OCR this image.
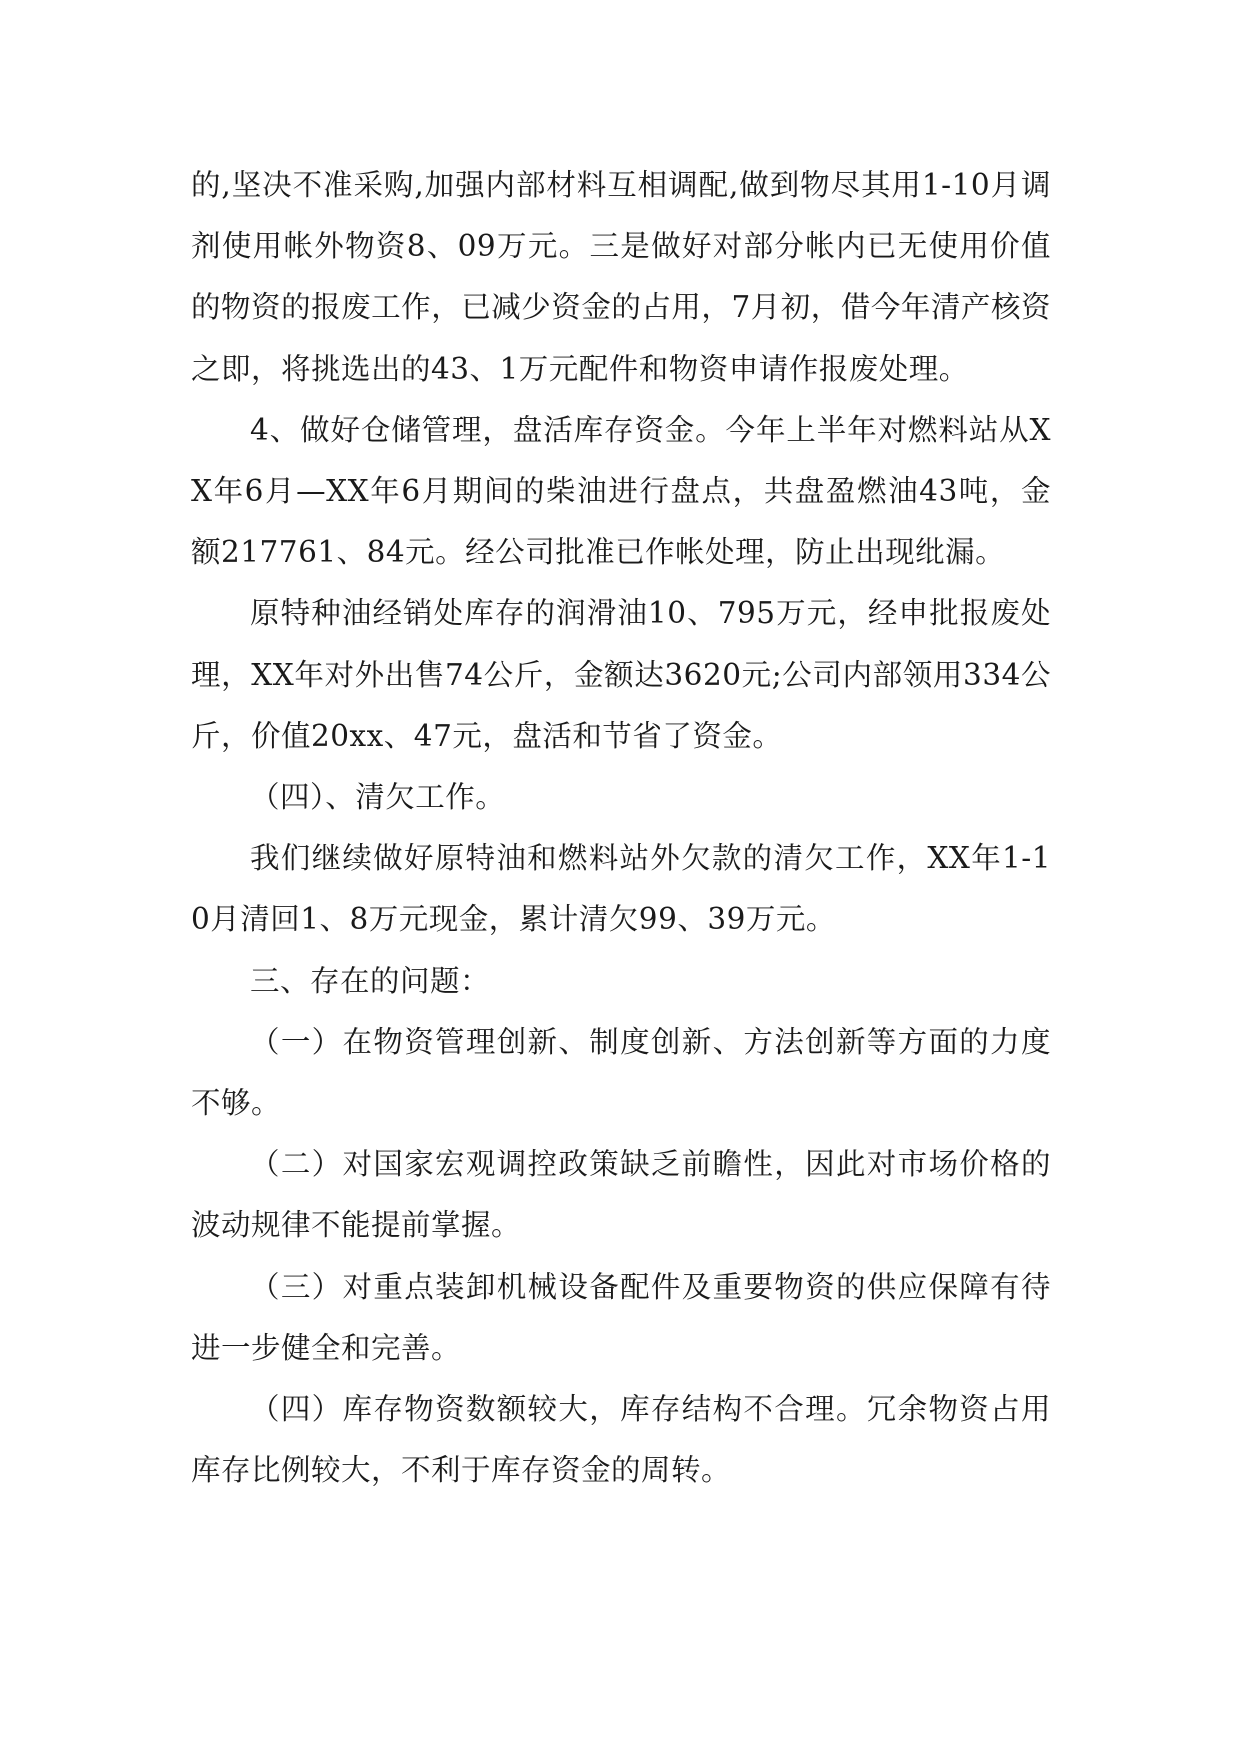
的,坚决不准采购,加强内部材料互相调配,做到物尽其用1-10月调剂使用帐外物资8、09万元。三是做好对部分帐内已无使用价值的物资的报废工作，已减少资金的占用，7月初，借今年清产核资之即，将挑选出的43、1万元配件和物资申请作报废处理。

4、做好仓储管理，盘活库存资金。今年上半年对燃料站从XX年6月—XX年6月期间的柴油进行盘点，共盘盈燃油43吨，金额217761、84元。经公司批准已作帐处理，防止出现纰漏。

原特种油经销处库存的润滑油10、795万元，经申批报废处理，XX年对外出售74公斤，金额达3620元;公司内部领用334公斤，价值20xx、47元，盘活和节省了资金。

（四）、清欠工作。

我们继续做好原特油和燃料站外欠款的清欠工作，XX年1-10月清回1、8万元现金，累计清欠99、39万元。

三、存在的问题：

（一）在物资管理创新、制度创新、方法创新等方面的力度不够。

（二）对国家宏观调控政策缺乏前瞻性，因此对市场价格的波动规律不能提前掌握。

（三）对重点装卸机械设备配件及重要物资的供应保障有待进一步健全和完善。

（四）库存物资数额较大，库存结构不合理。冗余物资占用库存比例较大，不利于库存资金的周转。
